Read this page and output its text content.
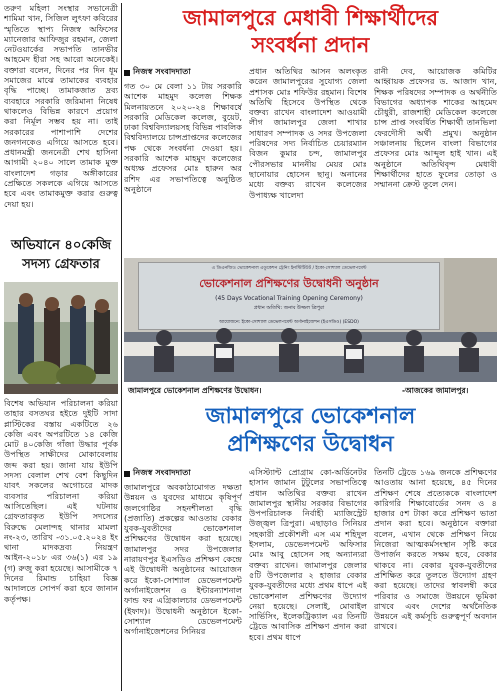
তরুণ মহিলা সংস্থার সভানেত্রী শামিমা খান, সিজিল লুৎফা কবিরের স্মৃতিতে স্থাপ্য নিজস্ব অফিসের ম্যানেজার আফিজুর রহমান, জেলা নেটওয়ার্কের সভাপতি তানভীর আহমেদ হীরা সহ আরো অনেকেই। বক্তারা বলেন, দিনের পর দিন ধূম সমাজের মাঝে তামাকের ব্যবহার বৃদ্ধি পাচ্ছে। তামাকজাত দ্রব্য ব্যবহারে সরকারি জরিমানা নিষেধ থাকলেও বিভিন্ন কারণে প্রয়োগ করা নির্মূল সম্ভব হয় না। তাই সরকারের পাশাপাশি দেশের জনগনকেও এগিয়ে আসতে হবে। প্রধানমন্ত্রী জননেত্রী শেখ হাসিনা আগামী ২০৪০ সালে তামাক মুক্ত বাংলাদেশ গড়ার অঙ্গীকারের প্রেক্ষিতে সকলকে এগিয়ে আসতে হবে এবং তামাকমুক্ত করার গুরুত্ব দেয়া হয়।

জামালপুরে মেধাবী শিক্ষার্থীদের
সংবর্ধনা প্রদান
নিজস্ব সংবাদদাতা

গত ৩০ মে বেলা ১১ টায় সরকারি আশেক মাহমুদ কলেজ শিক্ষক মিলনায়তনে ২০২০-২৪ শিক্ষাবর্ষে সরকারি মেডিকেল কলেজ, বুয়েট, ঢাকা বিশ্ববিদ্যালয়সহ বিভিন্ন পাবলিক বিশ্ববিদ্যালয়ে চান্সপ্রাপ্তদের কলেজের পক্ষ থেকে সংবর্ধনা দেওয়া হয়। সরকারি আশেক মাহমুদ কলেজের অধ্যক্ষ প্রফেসর মোঃ হারুন অর রশিদ এর সভাপতিত্বে অনুষ্ঠিত অনুষ্ঠানে

প্রধান অতিথির আসন অলংকৃত করেন জামালপুরের সুযোগ্য জেলা প্রশাসক মোঃ শফিউর রহমান। বিশেষ অতিথি হিসেবে উপস্থিত থেকে বক্তব্য রাখেন বাংলাদেশ আওয়ামী লীগ জামালপুর জেলা শাখার সাধারণ সম্পাদক ও সদর উপজেলা পরিষদের সদ্য নির্বাচিত চেয়ারম্যান বিজন কুমার চন্দ, জামালপুর পৌরসভার মাননীয় মেয়র মোঃ ছানোয়ার হোসেন ছানু। অনানের মধ্যে বক্তব্য রাখেন কলেজের উপাধ্যক্ষ খালেদা

রানী দেব, আয়োজক কমিটির আহ্বায়ক প্রফেসর ড. আজাদ খান, শিক্ষক পরিষদের সম্পাদক ও অর্থনীতি বিভাগের অধ্যাপক শাকের আহমেদ চৌধুরী, রাজশাহী মেডিকেল কলেজে চান্স প্রাপ্ত সংবর্ধিত শিক্ষার্থী তানভিলা ফেরদৌসী অর্থী প্রমুখ। অনুষ্ঠান সঞ্চালনায় ছিলেন বাংলা বিভাগের প্রফেসর মোঃ আব্দুল হাই খান। এই অনুষ্ঠানে অতিথিবৃন্দ মেধাবী শিক্ষার্থীদের হাতে ফুলের তোড়া ও সম্মাননা ক্রেস্ট তুলে দেন।

অভিযানে ৪০কেজি
সদস্য গ্রেফতার

বিশেষ অভিযান পরিচালনা করিয়া তাহার বসতঘর হইতে দুইটি সাদা প্লাস্টিকের বস্তায় একটিতে ২৬ কেজি এবং অপরটিতে ১৪ কেজি মোট ৪০কেজি গাঁজা উদ্ধার পূর্বক উপস্থিত সাক্ষীদের মোকাবেলায় জব্দ করা হয়। জানা যায় ইউপি সদস্য বেলাল শেখ বেশ কিছুদিন যাবৎ সকলের অগোচরে মাদক ব্যবসার পরিচালনা করিয়া আসিতেছিল। এই ঘটনায় গ্রেফতারকৃত ইউপি সদস্যের বিরুদ্ধে মেলান্দহ থানার মামলা নং-২৩, তারিখ -৩১.০৫.২০২৪ ইং থানা মাদকদ্রব্য নিয়ন্ত্রণ আইন-২০১৮ এর ৩৬(১) এর ১৯ (গ) রুজু করা হয়েছে। আসামীকে ৭ দিনের রিমান্ড চাহিয়া বিজ্ঞ আদালতে সোপর্দ করা হবে জানান কর্তৃপক্ষ।

এ ডিএনজিও ভোকেশনাল এডুকেশন ট্রেনিং ইনস্টিটিউট / ইকো-সোশ্যাল ডেভেলপমেন্ট
ভোকেশনাল প্রশিক্ষণের উদ্বোধনী অনুষ্ঠান
(45 Days Vocational Training Opening Ceremony)
প্রধান অতিথি: জনাব উজ্জল ত্রিপুরা
আয়োজনে: ইকো-সোশ্যাল ডেভেলপমেন্ট অর্গানাইজেশন (ইএসডিও) (ESDO)
জামালপুরে ভোকেশনাল প্রশিক্ষণের উদ্বোধন।	-আজকের জামালপুর।
জামালপুরে ভোকেশনাল
প্রশিক্ষণের উদ্বোধন
নিজস্ব সংবাদদাতা

জামালপুরে অবকাঠামোগত দক্ষতা উন্নয়ন ও যুবদের মাধ্যমে কৃষিপূর্ণ জলগোষ্ঠির সহনশীলতা বৃদ্ধি (প্রজাতি) প্রকল্পের আওতায় বেকার যুবক-যুবতীদের ভোকেশনাল প্রশিক্ষণের উদ্বোধন করা হয়েছে। জামালপুর সদর উপজেলার নারায়ণপুর ইএসডিও প্রশিক্ষণ কেন্দ্রে এই উদ্বোধনী অনুষ্ঠানের আয়োজন করে ইকো-সোশ্যাল ডেভেলপমেন্ট অর্গানাইজেশন ও ইন্টারন্যাশনাল ফান্ড ফর এগ্রিকালচার ডেভলপমেন্ট (ইফাদ)। উদ্বোধনী অনুষ্ঠানে ইকো-সোশ্যাল ডেভেলপমেন্ট অর্গানাইজেশনের সিনিয়র

এসিস্ট্যান্ট প্রোগ্রাম কো-অর্ডিনেটর হাসান জামান টুটুলের সভাপতিত্বে প্রধান অতিথির বক্তব্য রাখেন জামালপুর স্থানীয় সরকার বিভাগের উপপরিচালক নির্বাহী ম্যাজিস্ট্রেট উজ্জ্বল ত্রিপুরা। এছাড়াও সিনিয়র সহকারী প্রকৌশলী এস এম শহিদুল ইসলাম, ডেভেলপমেন্ট অফিসার মোঃ আবু হোসেন সহ অন্যান্যরা বক্তব্য রাখেন। জামালপুর জেলার ৫টি উপজেলার ২ হাজার বেকার যুবক-যুবতীদের মধ্যে প্রথম ধাপে এই ভোকেশনাল প্রশিক্ষণের উদ্যোগ নেয়া হয়েছে। সেলাই, মোবাইল সার্ভিসিং, ইলেকট্রিক্যাল এর তিনটি ট্রেডে আবাসিক প্রশিক্ষণ প্রদান করা হবে। প্রথম ধাপে

তিনটি ট্রেডে ১৬৯ জনকে প্রশিক্ষণের আওতায় আনা হয়েছে, ৪৫ দিনের প্রশিক্ষণ শেষে প্রত্যেককে বাংলাদেশ কারিগরি শিক্ষাবোর্ডের সনদ ও ৪ হাজার ৫শ টাকা করে প্রশিক্ষণ ভাতা প্রদান করা হবে। অনুষ্ঠানে বক্তারা বলেন, এখান থেকে প্রশিক্ষণ নিয়ে নিজেরা আত্মকর্মসংস্থান সৃষ্টি করে উপার্জন করতে সক্ষম হবে, বেকার থাকবে না। বেকার যুবক-যুবতীদের প্রশিক্ষিত করে তুলতে উদ্যোগ গ্রহণ করা হয়েছে। তাদের স্বাবলম্বী করে পরিবার ও সমাজে উন্নয়নে ভূমিকা রাখবে এবং দেশের অর্থনৈতিক উন্নয়নে এই কর্মসূচি গুরুত্বপূর্ণ অবদান রাখবে।
